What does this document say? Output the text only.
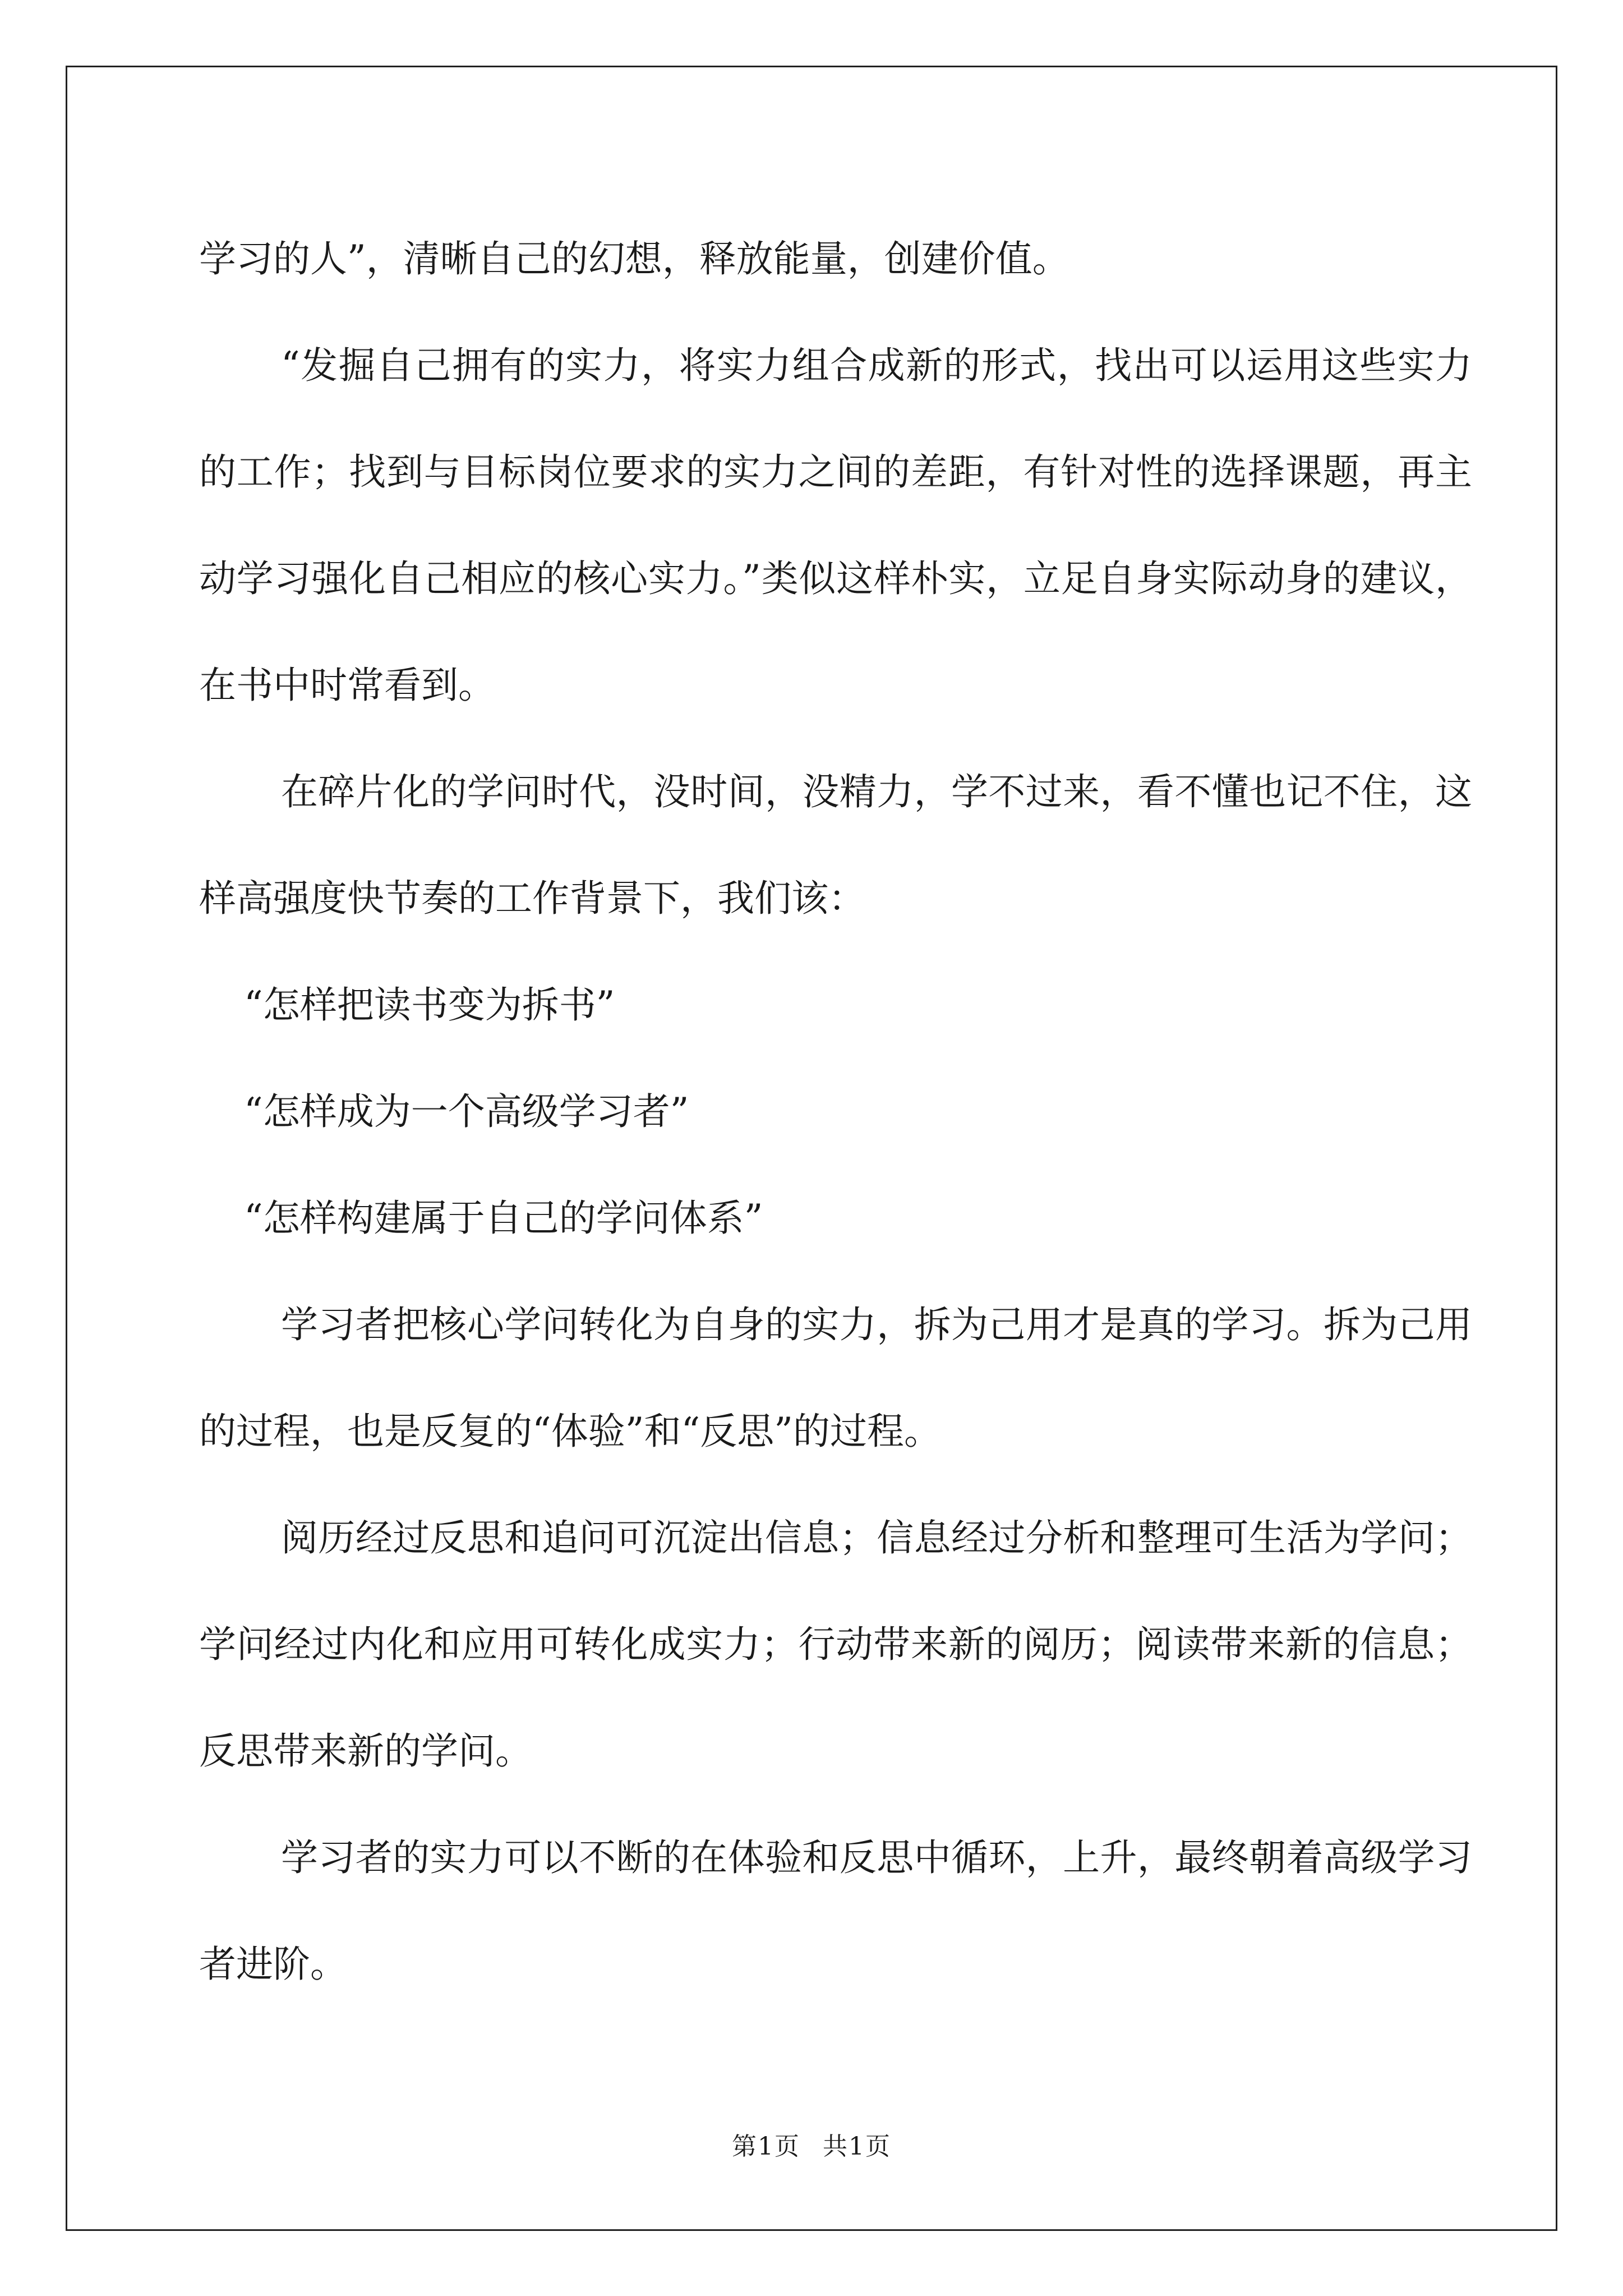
学习的人”，清晰自己的幻想，释放能量，创建价值。

“发掘自己拥有的实力，将实力组合成新的形式，找出可以运用这些实力的工作；找到与目标岗位要求的实力之间的差距，有针对性的选择课题，再主动学习强化自己相应的核心实力。”类似这样朴实，立足自身实际动身的建议，在书中时常看到。

在碎片化的学问时代，没时间，没精力，学不过来，看不懂也记不住，这样高强度快节奏的工作背景下，我们该：

“怎样把读书变为拆书”

“怎样成为一个高级学习者”

“怎样构建属于自己的学问体系”

学习者把核心学问转化为自身的实力，拆为己用才是真的学习。拆为己用的过程，也是反复的“体验”和“反思”的过程。

阅历经过反思和追问可沉淀出信息；信息经过分析和整理可生活为学问；学问经过内化和应用可转化成实力；行动带来新的阅历；阅读带来新的信息；反思带来新的学问。

学习者的实力可以不断的在体验和反思中循环，上升，最终朝着高级学习者进阶。

第1页 共1页
